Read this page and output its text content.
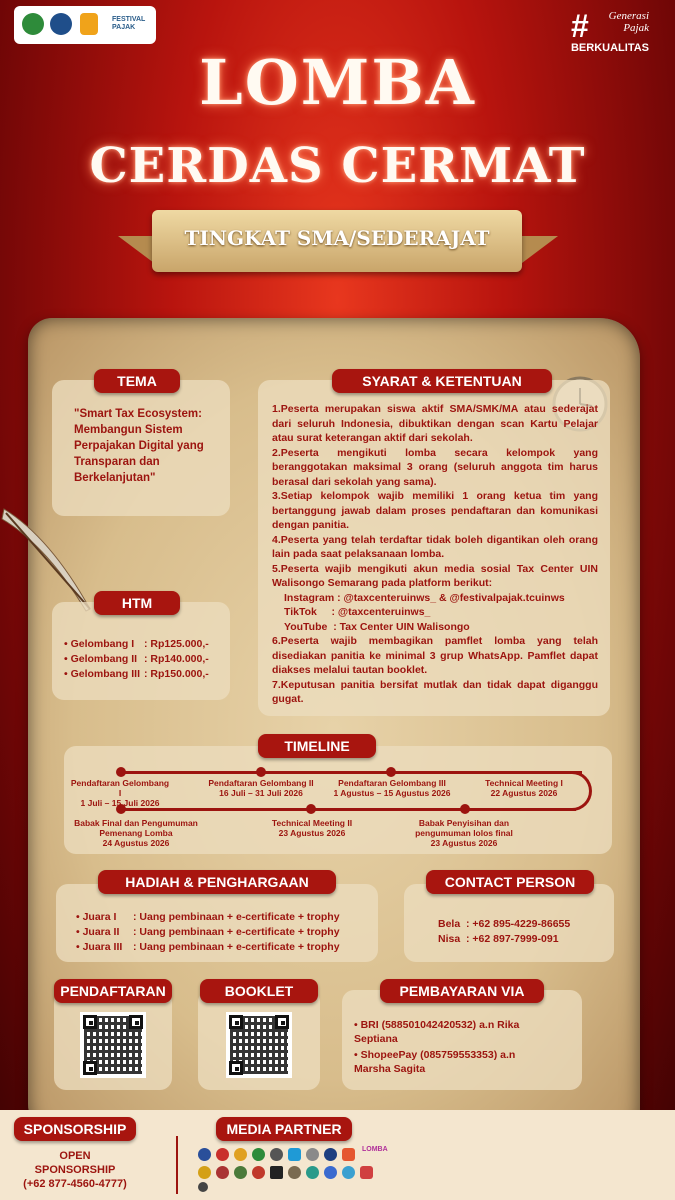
FESTIVAL PAJAK	#	Generasi Pajak
BERKUALITAS
LOMBA
CERDAS CERMAT
TINGKAT SMA/SEDERAJAT
TEMA
"Smart Tax Ecosystem: Membangun Sistem Perpajakan Digital yang Transparan dan Berkelanjutan"
HTM
• Gelombang I : Rp125.000,-
• Gelombang II : Rp140.000,-
• Gelombang III : Rp150.000,-
SYARAT & KETENTUAN
1.Peserta merupakan siswa aktif SMA/SMK/MA atau sederajat dari seluruh Indonesia, dibuktikan dengan scan Kartu Pelajar atau surat keterangan aktif dari sekolah.
2.Peserta mengikuti lomba secara kelompok yang beranggotakan maksimal 3 orang (seluruh anggota tim harus berasal dari sekolah yang sama).
3.Setiap kelompok wajib memiliki 1 orang ketua tim yang bertanggung jawab dalam proses pendaftaran dan komunikasi dengan panitia.
4.Peserta yang telah terdaftar tidak boleh digantikan oleh orang lain pada saat pelaksanaan lomba.
5.Peserta wajib mengikuti akun media sosial Tax Center UIN Walisongo Semarang pada platform berikut:
Instagram : @taxcenteruinws_ & @festivalpajak.tcuinws
TikTok     : @taxcenteruinws_
YouTube  : Tax Center UIN Walisongo
6.Peserta wajib membagikan pamflet lomba yang telah disediakan panitia ke minimal 3 grup WhatsApp. Pamflet dapat diakses melalui tautan booklet.
7.Keputusan panitia bersifat mutlak dan tidak dapat diganggu gugat.
TIMELINE
Pendaftaran Gelombang I
1 Juli – 15 Juli 2026
Pendaftaran Gelombang II
16 Juli – 31 Juli 2026
Pendaftaran Gelombang III
1 Agustus – 15 Agustus 2026
Technical Meeting I
22 Agustus 2026
Babak Final dan Pengumuman Pemenang Lomba
24 Agustus 2026
Technical Meeting II
23 Agustus 2026
Babak Penyisihan dan pengumuman lolos final
23 Agustus 2026
HADIAH & PENGHARGAAN
• Juara I : Uang pembinaan + e-certificate + trophy
• Juara II : Uang pembinaan + e-certificate + trophy
• Juara III : Uang pembinaan + e-certificate + trophy
CONTACT PERSON
Bela : +62 895-4229-86655
Nisa : +62 897-7999-091
PENDAFTARAN	BOOKLET	PEMBAYARAN VIA
• BRI (588501042420532) a.n Rika Septiana
• ShopeePay (085759553353) a.n Marsha Sagita
SPONSORSHIP
OPEN
SPONSORSHIP
(+62 877-4560-4777)
MEDIA PARTNER
LOMBA
